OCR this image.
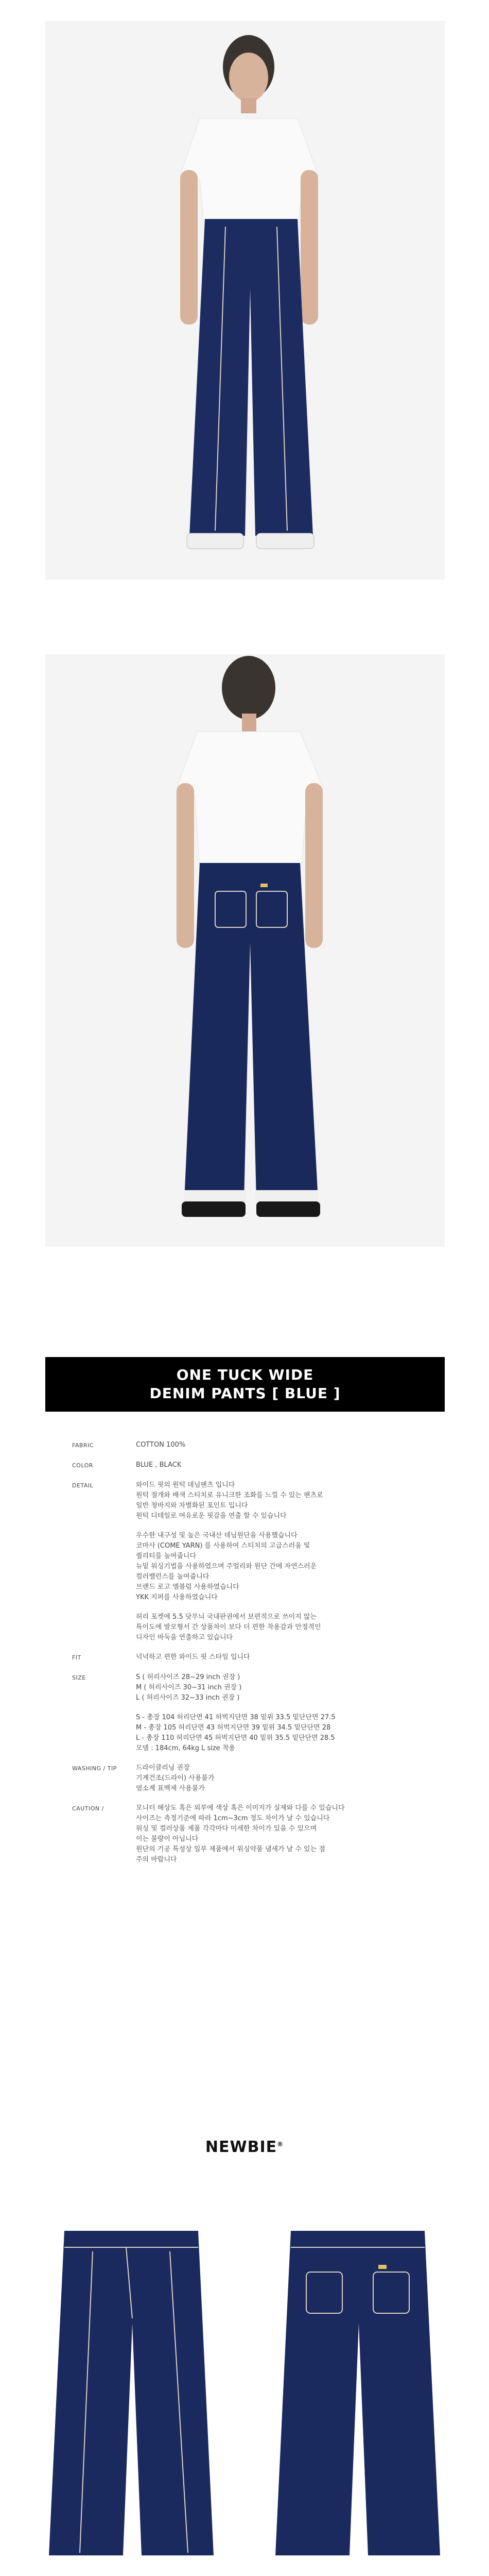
ONE TUCK WIDE
DENIM PANTS [ BLUE ]
FABRIC	COTTON 100%

COLOR	BLUE , BLACK

DETAIL	와이드 핏의 원턱 데님팬츠 입니다

원턱 절개와 배색 스티치로 유니크한 조화를 느낄 수 있는 팬츠로

일반 청바지와 차별화된 포인트 입니다

원턱 디테일로 여유로운 핏감을 연출 할 수 있습니다

우수한 내구성 및 높은 국내산 데님원단을 사용했습니다

코마사 (COME YARN) 를 사용하여 스티치의 고급스러움 및

퀄리티를 높여줍니다

뉴밑 워싱기법을 사용하였으며 주얼리와 원단 간에 자연스러운

컬러밸런스를 높여줍니다

브랜드 로고 엠블럼 사용하였습니다

YKK 지퍼를 사용하였습니다

허리 포켓에 5.5 닷무늬 국내판권에서 보편적으로 쓰이지 않는

특이도에 발모형서 간 상품차이 보다 더 편한 착용감과 안정적인

디자인 바둑을 연출하고 있습니다

FIT	넉넉하고 편한 와이드 핏 스타일 입니다

SIZE	S ( 허리사이즈 28~29 inch 권장 )

M ( 허리사이즈 30~31 inch 권장 )

L ( 허리사이즈 32~33 inch 권장 )

S - 총장 104 허리단면 41 허벅지단면 38 밑위 33.5 밑단단면 27.5

M - 총장 105 허리단면 43 허벅지단면 39 밑위 34.5 밑단단면 28

L - 총장 110 허리단면 45 허벅지단면 40 밑위 35.5 밑단단면 28.5

모델 : 184cm, 64kg L size 착용

WASHING / TIP	드라이클리닝 권장

기계건조(드라이) 사용불가

염소계 표백제 사용불가

CAUTION /	모니터 해상도 혹은 외부에 색상 혹은 이미지가 실제와 다를 수 있습니다

사이즈는 측정기준에 따라 1cm~3cm 정도 차이가 날 수 있습니다

워싱 및 컬러상품 제품 각각마다 미세한 차이가 있을 수 있으며

이는 불량이 아닙니다

원단의 기공 특성상 일부 제품에서 워싱약품 냄새가 날 수 있는 점

주의 바랍니다

NEWBIE®
